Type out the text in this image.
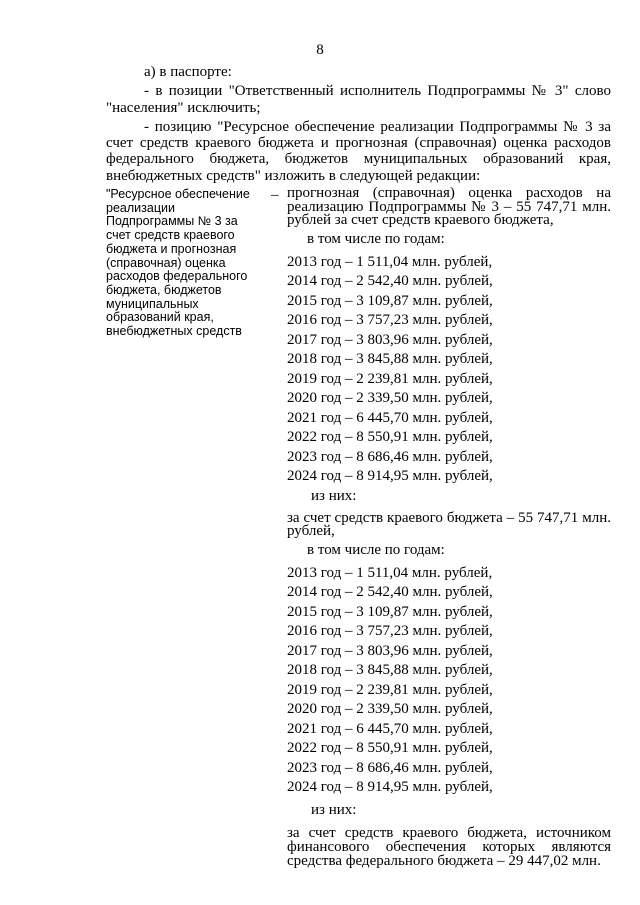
8

а) в паспорте:

- в позиции "Ответственный исполнитель Подпрограммы № 3" слово "населения" исключить;

- позицию "Ресурсное обеспечение реализации Подпрограммы № 3 за счет средств краевого бюджета и прогнозная (справочная) оценка расходов федерального бюджета, бюджетов муниципальных образований края, внебюджетных средств" изложить в следующей редакции:

"Ресурсное обеспечение реализации Подпрограммы № 3 за счет средств краевого бюджета и прогнозная (справочная) оценка расходов федерального бюджета, бюджетов муниципальных образований края, внебюджетных средств
– прогнозная (справочная) оценка расходов на реализацию Подпрограммы № 3 – 55 747,71 млн. рублей за счет средств краевого бюджета,
в том числе по годам:
2013 год – 1 511,04 млн. рублей,
2014 год – 2 542,40 млн. рублей,
2015 год – 3 109,87 млн. рублей,
2016 год – 3 757,23 млн. рублей,
2017 год – 3 803,96 млн. рублей,
2018 год – 3 845,88 млн. рублей,
2019 год – 2 239,81 млн. рублей,
2020 год – 2 339,50 млн. рублей,
2021 год – 6 445,70 млн. рублей,
2022 год – 8 550,91 млн. рублей,
2023 год – 8 686,46 млн. рублей,
2024 год – 8 914,95 млн. рублей,
из них:
за счет средств краевого бюджета – 55 747,71 млн. рублей,
в том числе по годам:
2013 год – 1 511,04 млн. рублей,
2014 год – 2 542,40 млн. рублей,
2015 год – 3 109,87 млн. рублей,
2016 год – 3 757,23 млн. рублей,
2017 год – 3 803,96 млн. рублей,
2018 год – 3 845,88 млн. рублей,
2019 год – 2 239,81 млн. рублей,
2020 год – 2 339,50 млн. рублей,
2021 год – 6 445,70 млн. рублей,
2022 год – 8 550,91 млн. рублей,
2023 год – 8 686,46 млн. рублей,
2024 год – 8 914,95 млн. рублей,
из них:
за счет средств краевого бюджета, источником финансового обеспечения которых являются средства федерального бюджета – 29 447,02 млн.
